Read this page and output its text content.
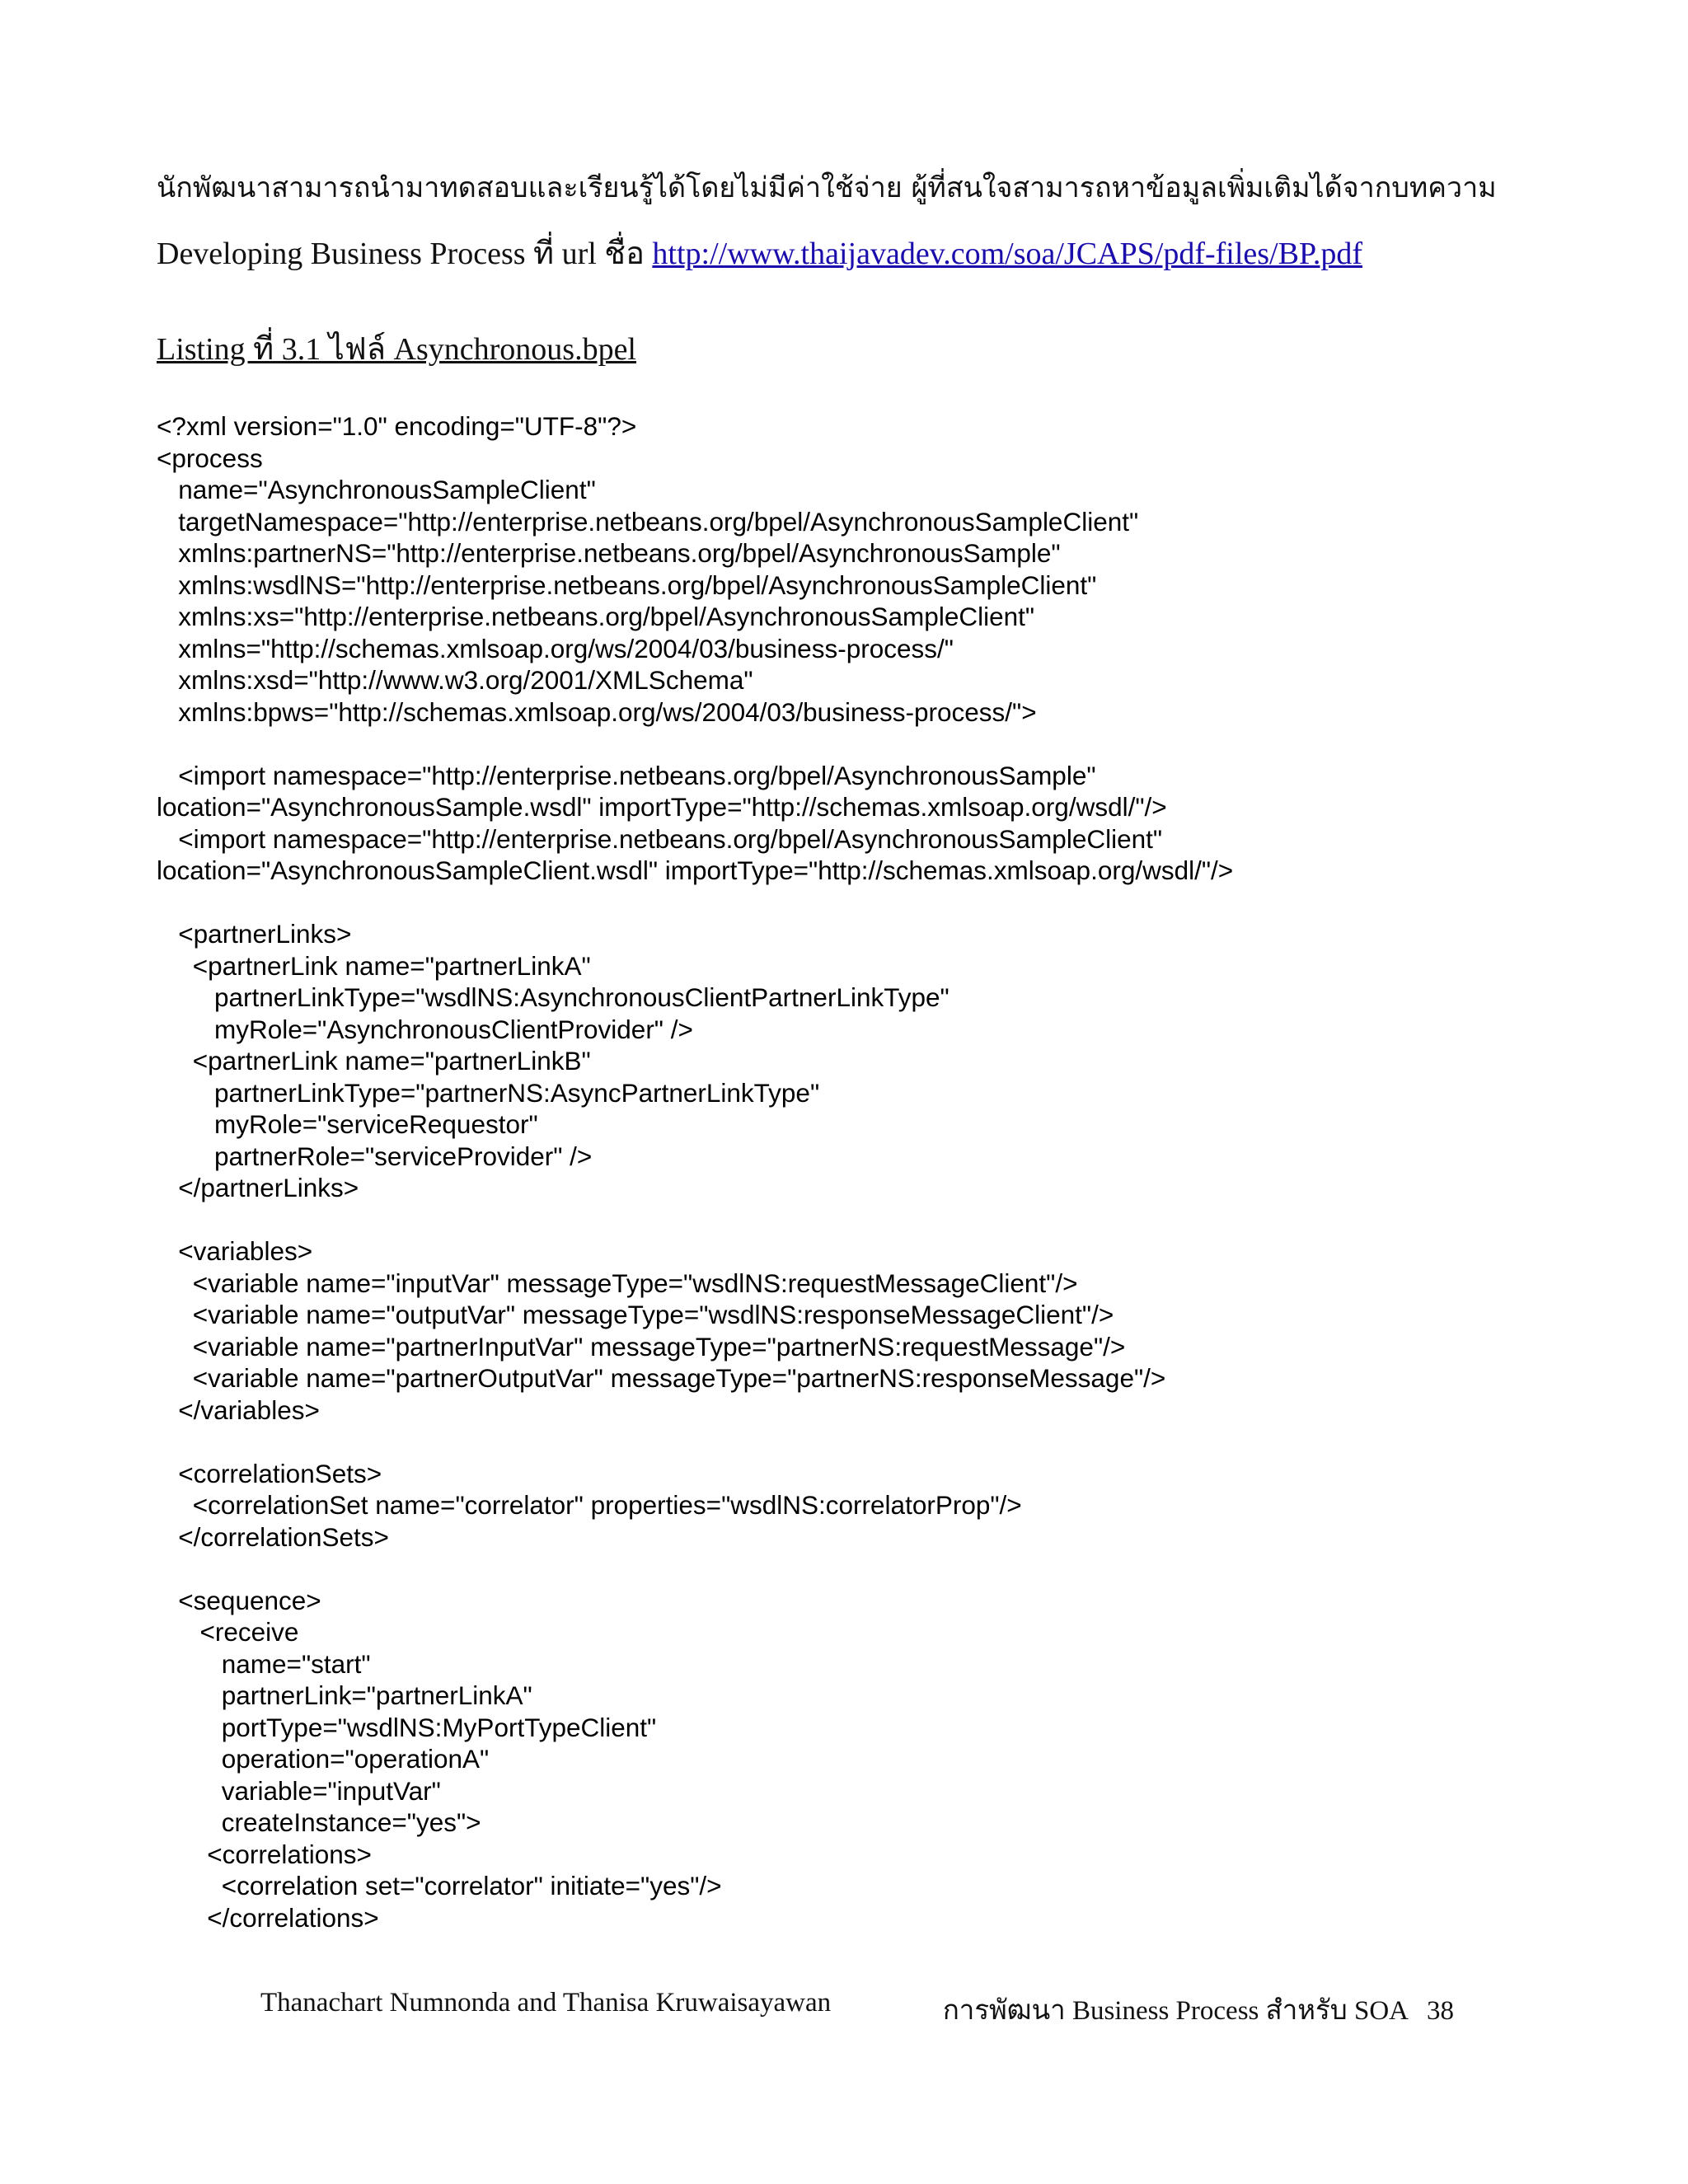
นักพัฒนาสามารถนำมาทดสอบและเรียนรู้ได้โดยไม่มีค่าใช้จ่าย ผู้ที่สนใจสามารถหาข้อมูลเพิ่มเติมได้จากบทความ
Developing Business Process ที่ url ชื่อ http://www.thaijavadev.com/soa/JCAPS/pdf-files/BP.pdf
Listing ที่ 3.1 ไฟล์ Asynchronous.bpel
<?xml version="1.0" encoding="UTF-8"?>
<process
name="AsynchronousSampleClient"
targetNamespace="http://enterprise.netbeans.org/bpel/AsynchronousSampleClient"
xmlns:partnerNS="http://enterprise.netbeans.org/bpel/AsynchronousSample"
xmlns:wsdlNS="http://enterprise.netbeans.org/bpel/AsynchronousSampleClient"
xmlns:xs="http://enterprise.netbeans.org/bpel/AsynchronousSampleClient"
xmlns="http://schemas.xmlsoap.org/ws/2004/03/business-process/"
xmlns:xsd="http://www.w3.org/2001/XMLSchema"
xmlns:bpws="http://schemas.xmlsoap.org/ws/2004/03/business-process/">

<import namespace="http://enterprise.netbeans.org/bpel/AsynchronousSample"
location="AsynchronousSample.wsdl" importType="http://schemas.xmlsoap.org/wsdl/"/>
<import namespace="http://enterprise.netbeans.org/bpel/AsynchronousSampleClient"
location="AsynchronousSampleClient.wsdl" importType="http://schemas.xmlsoap.org/wsdl/"/>

<partnerLinks>
<partnerLink name="partnerLinkA"
partnerLinkType="wsdlNS:AsynchronousClientPartnerLinkType"
myRole="AsynchronousClientProvider" />
<partnerLink name="partnerLinkB"
partnerLinkType="partnerNS:AsyncPartnerLinkType"
myRole="serviceRequestor"
partnerRole="serviceProvider" />
</partnerLinks>

<variables>
<variable name="inputVar" messageType="wsdlNS:requestMessageClient"/>
<variable name="outputVar" messageType="wsdlNS:responseMessageClient"/>
<variable name="partnerInputVar" messageType="partnerNS:requestMessage"/>
<variable name="partnerOutputVar" messageType="partnerNS:responseMessage"/>
</variables>

<correlationSets>
<correlationSet name="correlator" properties="wsdlNS:correlatorProp"/>
</correlationSets>

<sequence>
<receive
name="start"
partnerLink="partnerLinkA"
portType="wsdlNS:MyPortTypeClient"
operation="operationA"
variable="inputVar"
createInstance="yes">
<correlations>
<correlation set="correlator" initiate="yes"/>
</correlations>
Thanachart Numnonda and Thanisa Kruwaisayawan	การพัฒนา Business Process สำหรับ SOA 38
